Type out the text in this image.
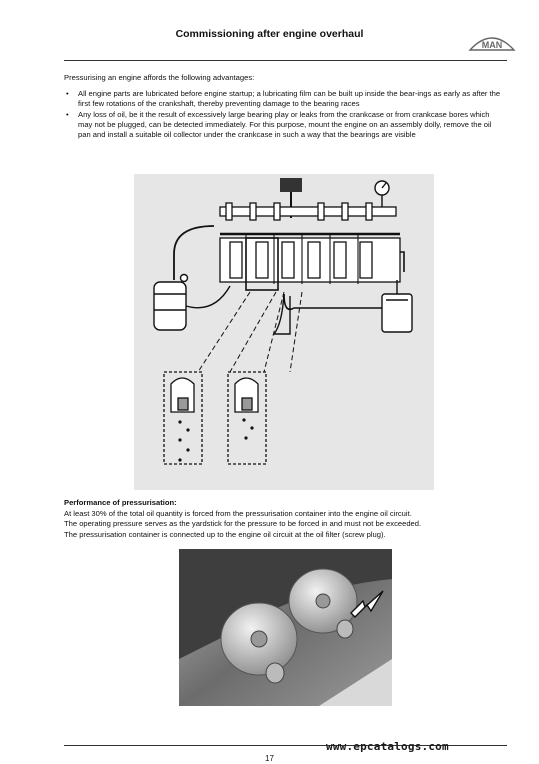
Commissioning after engine overhaul
MAN
Pressurising an engine affords the following advantages:
• All engine parts are lubricated before engine startup; a lubricating film can be built up inside the bear-ings as early as after the first few rotations of the crankshaft, thereby preventing damage to the bearing races
• Any loss of oil, be it the result of excessively large bearing play or leaks from the crankcase or from crankcase bores which may not be plugged, can be detected immediately. For this purpose, mount the engine on an assembly dolly, remove the oil pan and install a suitable oil collector under the crankcase in such a way that the bearings are visible
Performance of pressurisation:
At least 30% of the total oil quantity is forced from the pressurisation container into the engine oil circuit.
The operating pressure serves as the yardstick for the pressure to be forced in and must not be exceeded.
The pressurisation container is connected up to the engine oil circuit at the oil filter (screw plug).
www.epcatalogs.com
17
